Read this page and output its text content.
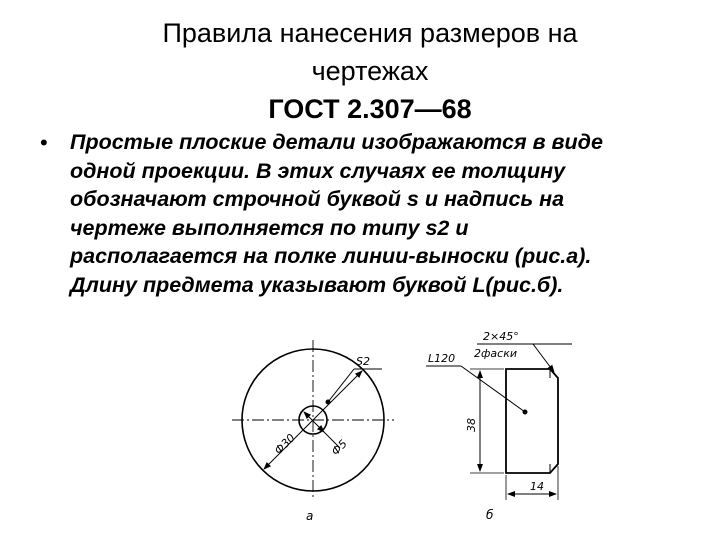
Правила нанесения размеров на
чертежах
ГОСТ 2.307—68
• Простые плоские детали изображаются в виде
одной проекции. В этих случаях ее толщину
обозначают строчной буквой s и надпись на
чертеже выполняется по типу s2 и
располагается на полке линии-выноски (рис.а).
Длину предмета указывают буквой L(рис.б).
S2
Ф30	Ф5
а
L120
2×45°
2фаски
38
14
б
